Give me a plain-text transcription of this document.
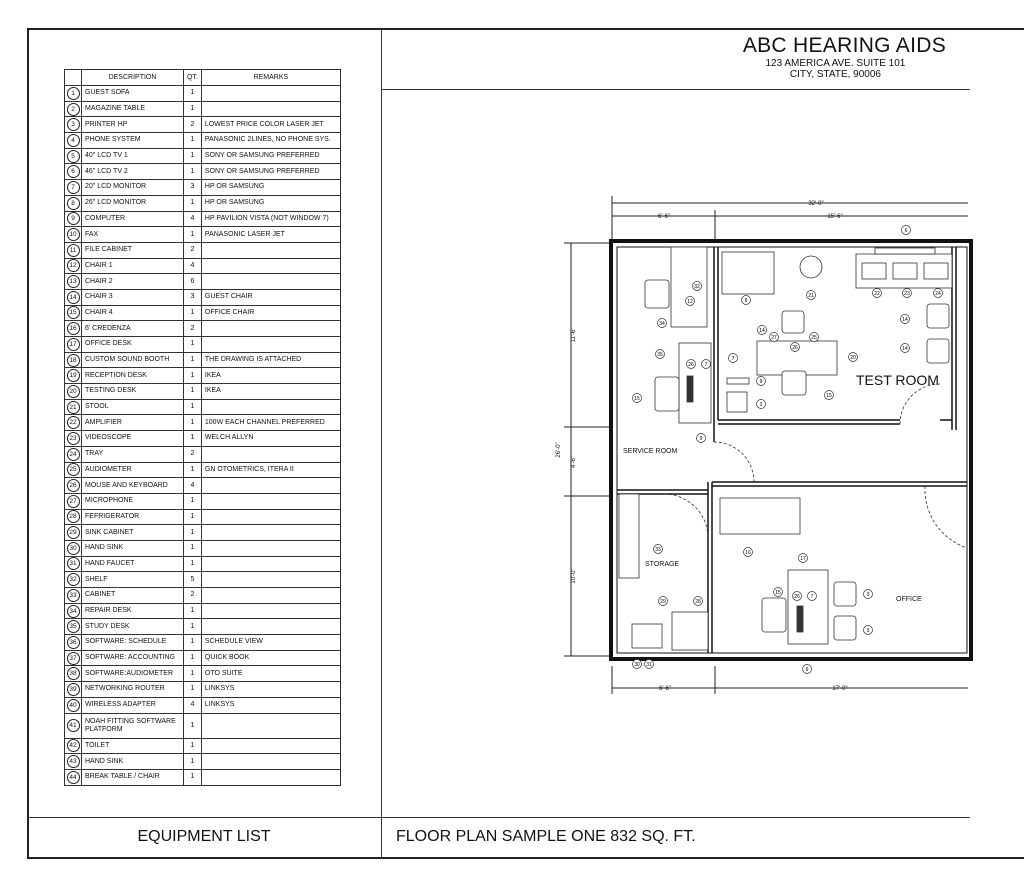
ABC HEARING AIDS
123 AMERICA AVE. SUITE 101
CITY, STATE, 90006
	DESCRIPTION	QT.	REMARKS
1	GUEST SOFA	1	
2	MAGAZINE TABLE	1	
3	PRINTER HP	2	LOWEST PRICE COLOR LASER JET
4	PHONE SYSTEM	1	PANASONIC 2LINES, NO PHONE SYS.
5	40" LCD TV 1	1	SONY OR SAMSUNG PREFERRED
6	46" LCD TV 2	1	SONY OR SAMSUNG PREFERRED
7	20" LCD MONITOR	3	HP OR SAMSUNG
8	26" LCD MONITOR	1	HP OR SAMSUNG
9	COMPUTER	4	HP PAVILION VISTA (NOT WINDOW 7)
10	FAX	1	PANASONIC LASER JET
11	FILE CABINET	2	
12	CHAIR 1	4	
13	CHAIR 2	6	
14	CHAIR 3	3	GUEST CHAIR
15	CHAIR 4	1	OFFICE CHAIR
16	6' CREDENZA	2	
17	OFFICE DESK	1	
18	CUSTOM SOUND BOOTH	1	THE DRAWING IS ATTACHED
19	RECEPTION DESK	1	IKEA
20	TESTING DESK	1	IKEA
21	STOOL	1	
22	AMPLIFIER	1	100W EACH CHANNEL PREFERRED
23	VIDEOSCOPE	1	WELCH ALLYN
24	TRAY	2	
25	AUDIOMETER	1	GN OTOMETRICS, ITERA II
26	MOUSE AND KEYBOARD	4	
27	MICROPHONE	1	
28	FEFRIGERATOR	1	
29	SINK CABINET	1	
30	HAND SINK	1	
31	HAND FAUCET	1	
32	SHELF	5	
33	CABINET	2	
34	REPAIR DESK	1	
35	STUDY DESK	1	
36	SOFTWARE: SCHEDULE	1	SCHEDULE VIEW
37	SOFTWARE: ACCOUNTING	1	QUICK BOOK
38	SOFTWARE:AUDIOMETER	1	OTO SUITE
39	NETWORKING ROUTER	1	LINKSYS
40	WIRELESS ADAPTER	4	LINKSYS
41	NOAH FITTING SOFTWARE PLATFORM	1	
42	TOILET	1	
43	HAND SINK	1	
44	BREAK TABLE / CHAIR	1	
EQUIPMENT LIST	FLOOR PLAN SAMPLE ONE 832 SQ. FT.
TEST ROOM
SERVICE ROOM
STORAGE
OFFICE
32'-0"
6'-6"	15'-6"
6'-6"	17'-0"
26'-0"
11'-6"
4'-6"
10'-0"
6
21
8
22	23	24
32
12
34
14
14
14
27	25
26
20
7
35
26 7
3
9
15	15
9
33	16
17
29	28
30 31
15
26 7	3
3
9
